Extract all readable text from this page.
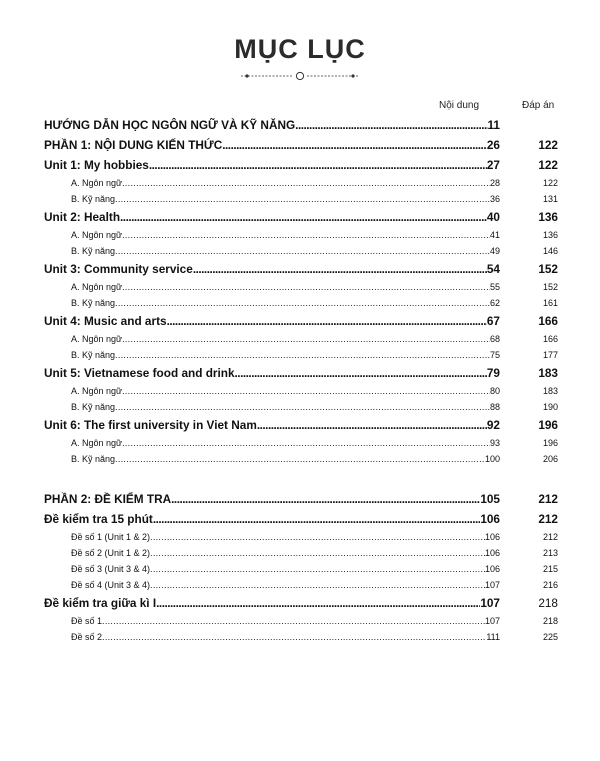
MỤC LỤC
Nội dung	Đáp án
HƯỚNG DẪN HỌC NGÔN NGỮ VÀ KỸ NĂNG .....	11
PHẦN 1: NỘI DUNG KIẾN THỨC .....	26	122
Unit 1: My hobbies .....	27	122
A. Ngôn ngữ .....	28	122
B. Kỹ năng .....	36	131
Unit 2: Health .....	40	136
A. Ngôn ngữ .....	41	136
B. Kỹ năng .....	49	146
Unit 3: Community service .....	54	152
A. Ngôn ngữ .....	55	152
B. Kỹ năng .....	62	161
Unit 4: Music and arts .....	67	166
A. Ngôn ngữ .....	68	166
B. Kỹ năng .....	75	177
Unit 5: Vietnamese food and drink .....	79	183
A. Ngôn ngữ .....	80	183
B. Kỹ năng .....	88	190
Unit 6: The first university in Viet Nam .....	92	196
A. Ngôn ngữ .....	93	196
B. Kỹ năng .....	100	206
PHẦN 2: ĐỀ KIỂM TRA .....	105	212
Đề kiểm tra 15 phút .....	106	212
Đề số 1 (Unit 1 & 2) .....	106	212
Đề số 2 (Unit 1 & 2) .....	106	213
Đề số 3 (Unit 3 & 4) .....	106	215
Đề số 4 (Unit 3 & 4) .....	107	216
Đề kiểm tra giữa kì I .....	107	218
Đề số 1 .....	107	218
Đề số 2 .....	111	225
